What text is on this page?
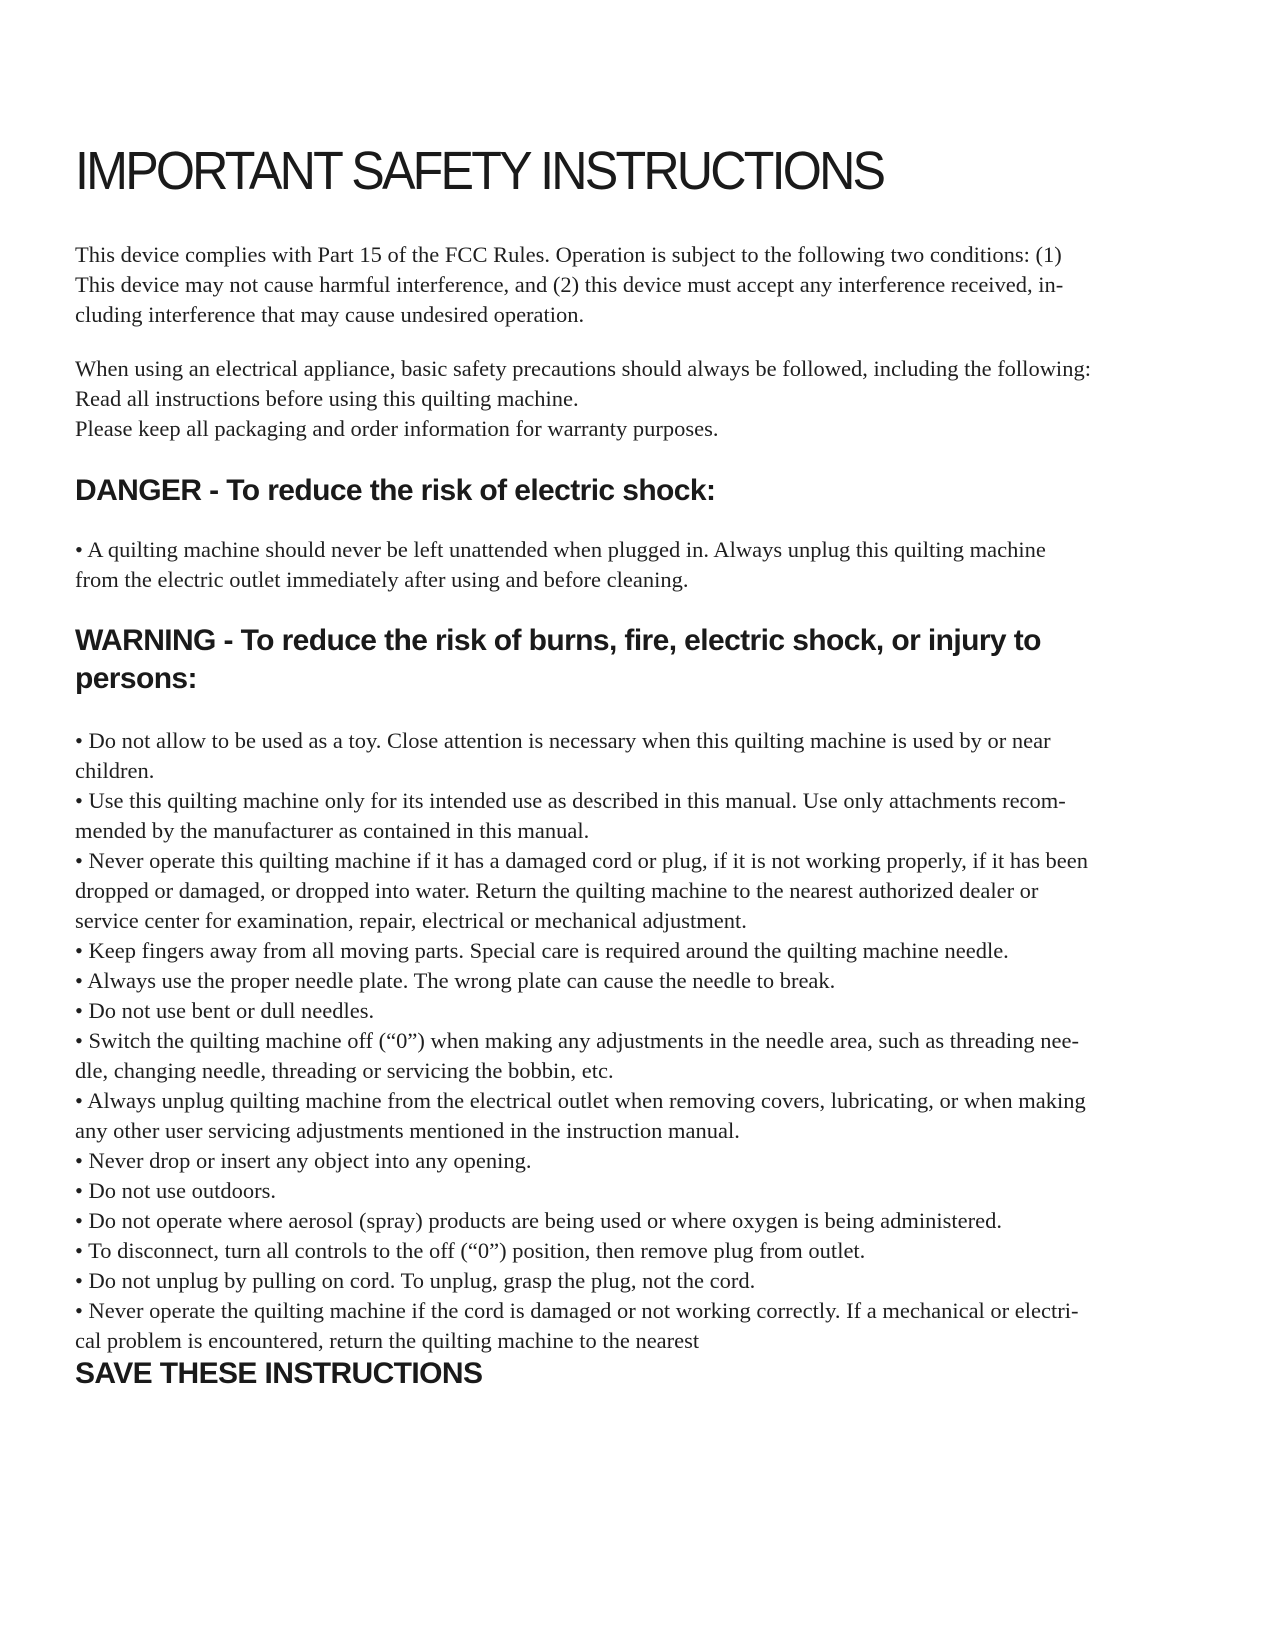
IMPORTANT SAFETY INSTRUCTIONS
This device complies with Part 15 of the FCC Rules. Operation is subject to the following two conditions: (1)
This device may not cause harmful interference, and (2) this device must accept any interference received, in-
cluding interference that may cause undesired operation.
When using an electrical appliance, basic safety precautions should always be followed, including the following:
Read all instructions before using this quilting machine.
Please keep all packaging and order information for warranty purposes.
DANGER - To reduce the risk of electric shock:
• A quilting machine should never be left unattended when plugged in. Always unplug this quilting machine
from the electric outlet immediately after using and before cleaning.
WARNING - To reduce the risk of burns, fire, electric shock, or injury to
persons:
• Do not allow to be used as a toy. Close attention is necessary when this quilting machine is used by or near
children.
• Use this quilting machine only for its intended use as described in this manual. Use only attachments recom-
mended by the manufacturer as contained in this manual.
• Never operate this quilting machine if it has a damaged cord or plug, if it is not working properly, if it has been
dropped or damaged, or dropped into water. Return the quilting machine to the nearest authorized dealer or
service center for examination, repair, electrical or mechanical adjustment.
• Keep fingers away from all moving parts. Special care is required around the quilting machine needle.
• Always use the proper needle plate. The wrong plate can cause the needle to break.
• Do not use bent or dull needles.
• Switch the quilting machine off (“0”) when making any adjustments in the needle area, such as threading nee-
dle, changing needle, threading or servicing the bobbin, etc.
• Always unplug quilting machine from the electrical outlet when removing covers, lubricating, or when making
any other user servicing adjustments mentioned in the instruction manual.
• Never drop or insert any object into any opening.
• Do not use outdoors.
• Do not operate where aerosol (spray) products are being used or where oxygen is being administered.
• To disconnect, turn all controls to the off (“0”) position, then remove plug from outlet.
• Do not unplug by pulling on cord. To unplug, grasp the plug, not the cord.
• Never operate the quilting machine if the cord is damaged or not working correctly. If a mechanical or electri-
cal problem is encountered, return the quilting machine to the nearest
SAVE THESE INSTRUCTIONS
